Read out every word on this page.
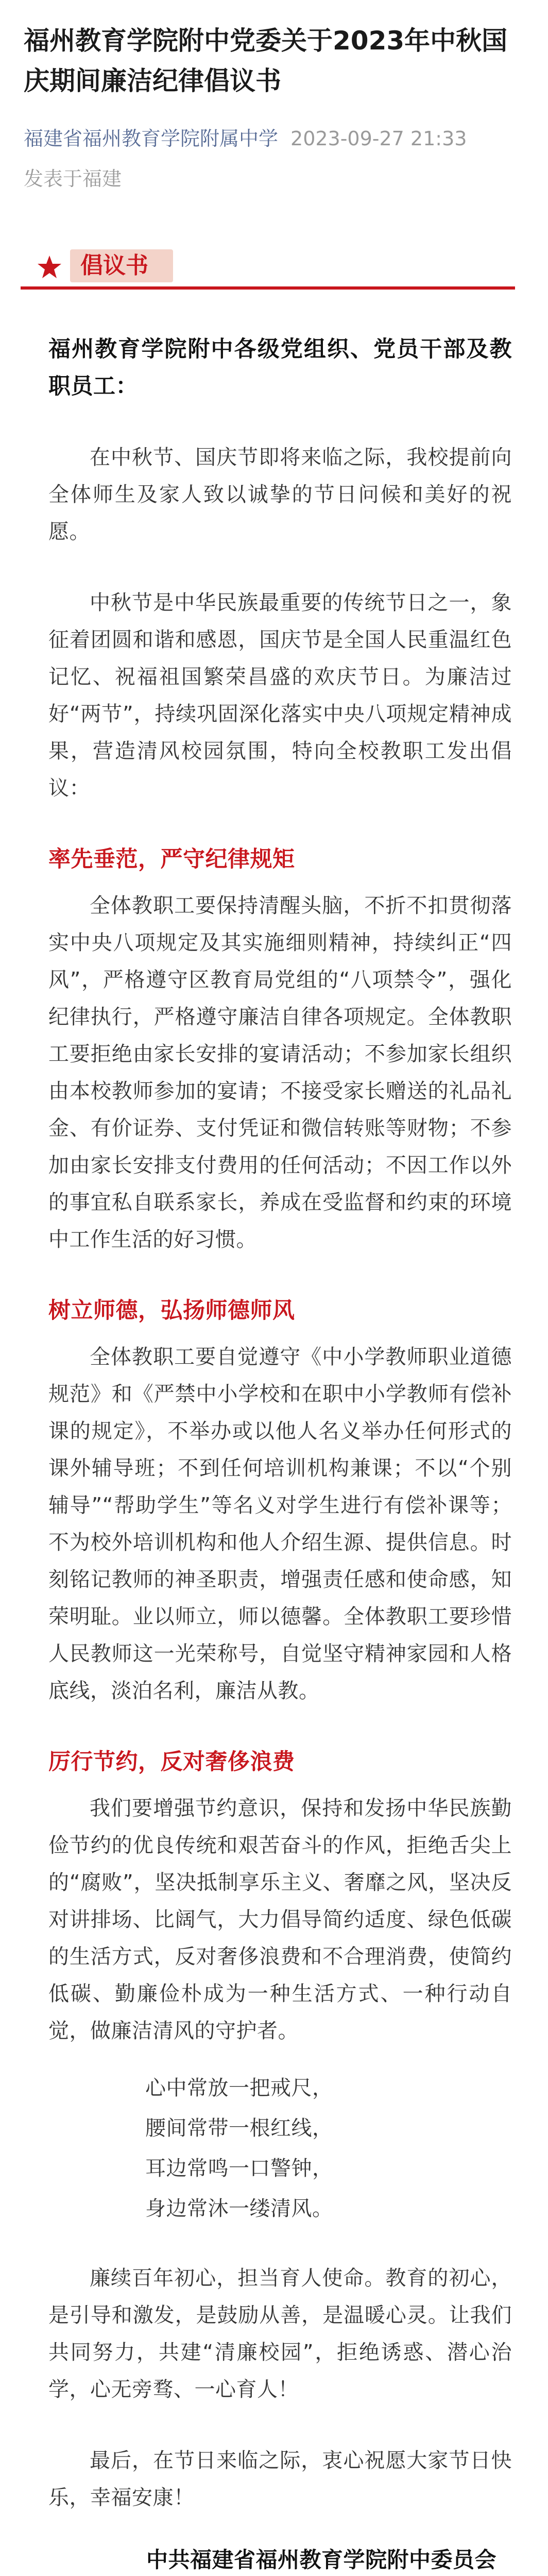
福州教育学院附中党委关于2023年中秋国庆期间廉洁纪律倡议书
福建省福州教育学院附属中学 2023-09-27 21:33
发表于福建
倡议书

福州教育学院附中各级党组织、党员干部及教职员工：

在中秋节、国庆节即将来临之际，我校提前向全体师生及家人致以诚挚的节日问候和美好的祝愿。

中秋节是中华民族最重要的传统节日之一，象征着团圆和谐和感恩，国庆节是全国人民重温红色记忆、祝福祖国繁荣昌盛的欢庆节日。为廉洁过好“两节”，持续巩固深化落实中央八项规定精神成果，营造清风校园氛围，特向全校教职工发出倡议：

率先垂范，严守纪律规矩

全体教职工要保持清醒头脑，不折不扣贯彻落实中央八项规定及其实施细则精神，持续纠正“四风”，严格遵守区教育局党组的“八项禁令”，强化纪律执行，严格遵守廉洁自律各项规定。全体教职工要拒绝由家长安排的宴请活动；不参加家长组织由本校教师参加的宴请；不接受家长赠送的礼品礼金、有价证券、支付凭证和微信转账等财物；不参加由家长安排支付费用的任何活动；不因工作以外的事宜私自联系家长，养成在受监督和约束的环境中工作生活的好习惯。

树立师德，弘扬师德师风

全体教职工要自觉遵守《中小学教师职业道德规范》和《严禁中小学校和在职中小学教师有偿补课的规定》，不举办或以他人名义举办任何形式的课外辅导班；不到任何培训机构兼课；不以“个别辅导”“帮助学生”等名义对学生进行有偿补课等；不为校外培训机构和他人介绍生源、提供信息。时刻铭记教师的神圣职责，增强责任感和使命感，知荣明耻。业以师立，师以德馨。全体教职工要珍惜人民教师这一光荣称号，自觉坚守精神家园和人格底线，淡泊名利，廉洁从教。

厉行节约，反对奢侈浪费

我们要增强节约意识，保持和发扬中华民族勤俭节约的优良传统和艰苦奋斗的作风，拒绝舌尖上的“腐败”，坚决抵制享乐主义、奢靡之风，坚决反对讲排场、比阔气，大力倡导简约适度、绿色低碳的生活方式，反对奢侈浪费和不合理消费，使简约低碳、勤廉俭朴成为一种生活方式、一种行动自觉，做廉洁清风的守护者。

心中常放一把戒尺，
腰间常带一根红线，
耳边常鸣一口警钟，
身边常沐一缕清风。

廉续百年初心，担当育人使命。教育的初心，是引导和激发，是鼓励从善，是温暖心灵。让我们共同努力，共建“清廉校园”，拒绝诱惑、潜心治学，心无旁骛、一心育人！

最后，在节日来临之际，衷心祝愿大家节日快乐，幸福安康！

中共福建省福州教育学院附中委员会
